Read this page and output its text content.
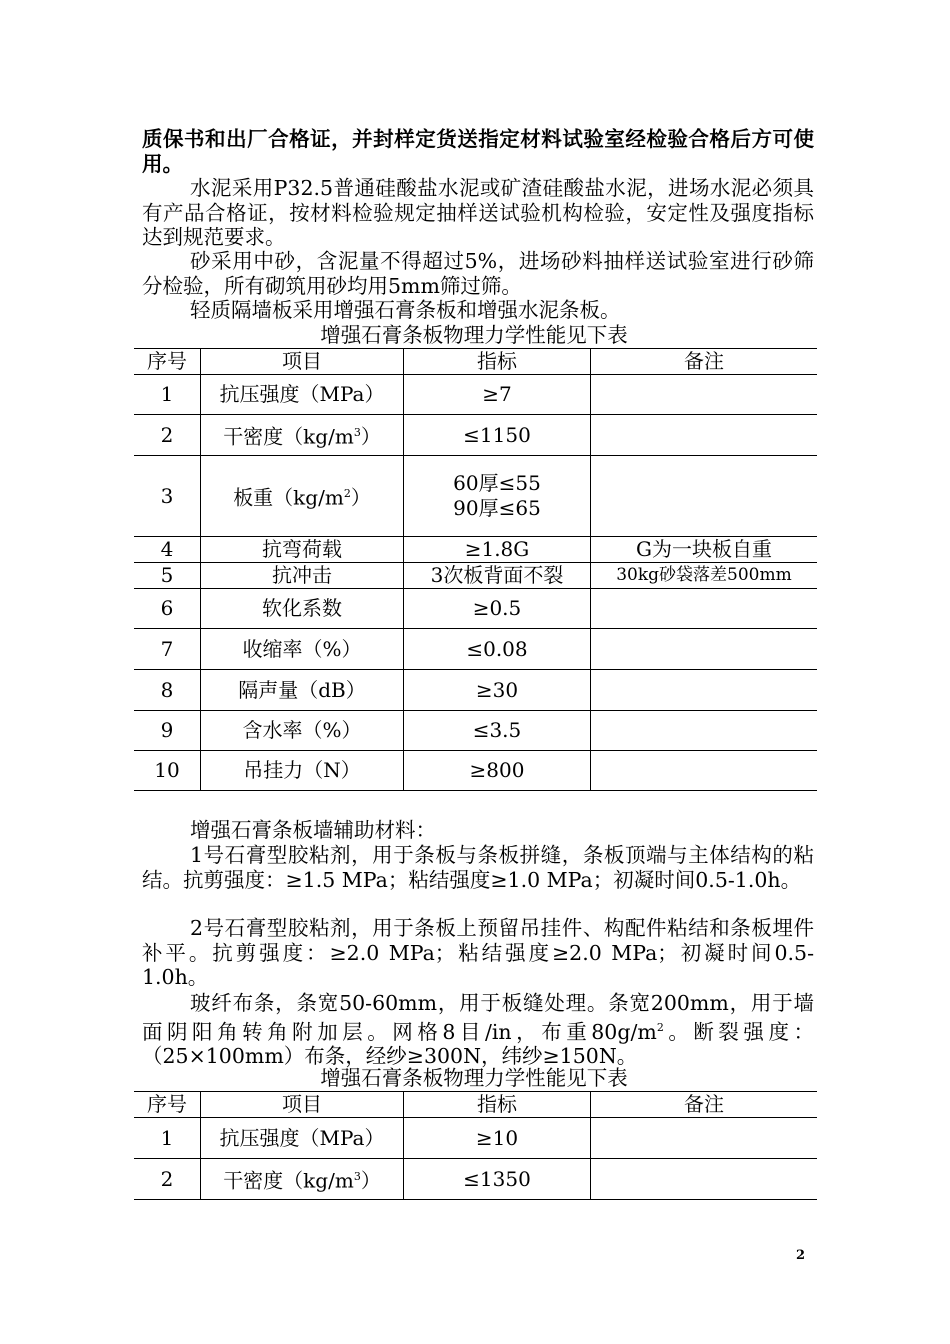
质保书和出厂合格证，并封样定货送指定材料试验室经检验合格后方可使用。

水泥采用P32.5普通硅酸盐水泥或矿渣硅酸盐水泥，进场水泥必须具有产品合格证，按材料检验规定抽样送试验机构检验，安定性及强度指标达到规范要求。

砂采用中砂，含泥量不得超过5%，进场砂料抽样送试验室进行砂筛分检验，所有砌筑用砂均用5mm筛过筛。

轻质隔墙板采用增强石膏条板和增强水泥条板。

增强石膏条板物理力学性能见下表

序号	项目	指标	备注
1	抗压强度（MPa）	≥7	
2	干密度$(kg/m^3)$	≤1150	
3	板重$(kg/m^2)$	60厚≤55
90厚≤65	

4	抗弯荷载	≥1.8G	G为一块板自重
5	抗冲击	3次板背面不裂	30kg砂袋落差500mm
6	软化系数	≥0.5	
7	收缩率（%）	≤0.08	
8	隔声量（dB）	≥30	
9	含水率（%）	≤3.5	
10	吊挂力（N）	≥800	

增强石膏条板墙辅助材料：

1号石膏型胶粘剂，用于条板与条板拼缝，条板顶端与主体结构的粘结。抗剪强度：≥1.5 MPa；粘结强度≥1.0 MPa；初凝时间0.5-1.0h。

2号石膏型胶粘剂，用于条板上预留吊挂件、构配件粘结和条板埋件补平。抗剪强度：≥2.0 MPa；粘结强度≥2.0 MPa；初凝时间0.5-1.0h。

玻纤布条，条宽50-60mm，用于板缝处理。条宽200mm，用于墙面阴阳角转角附加层。网格8目/in，布重$80g/m^2$。断裂强度：（25×100mm）布条，经纱≥300N，纬纱≥150N。

增强石膏条板物理力学性能见下表

序号	项目	指标	备注
1	抗压强度（MPa）	≥10	
2	干密度$(kg/m^3)$	≤1350	
2
